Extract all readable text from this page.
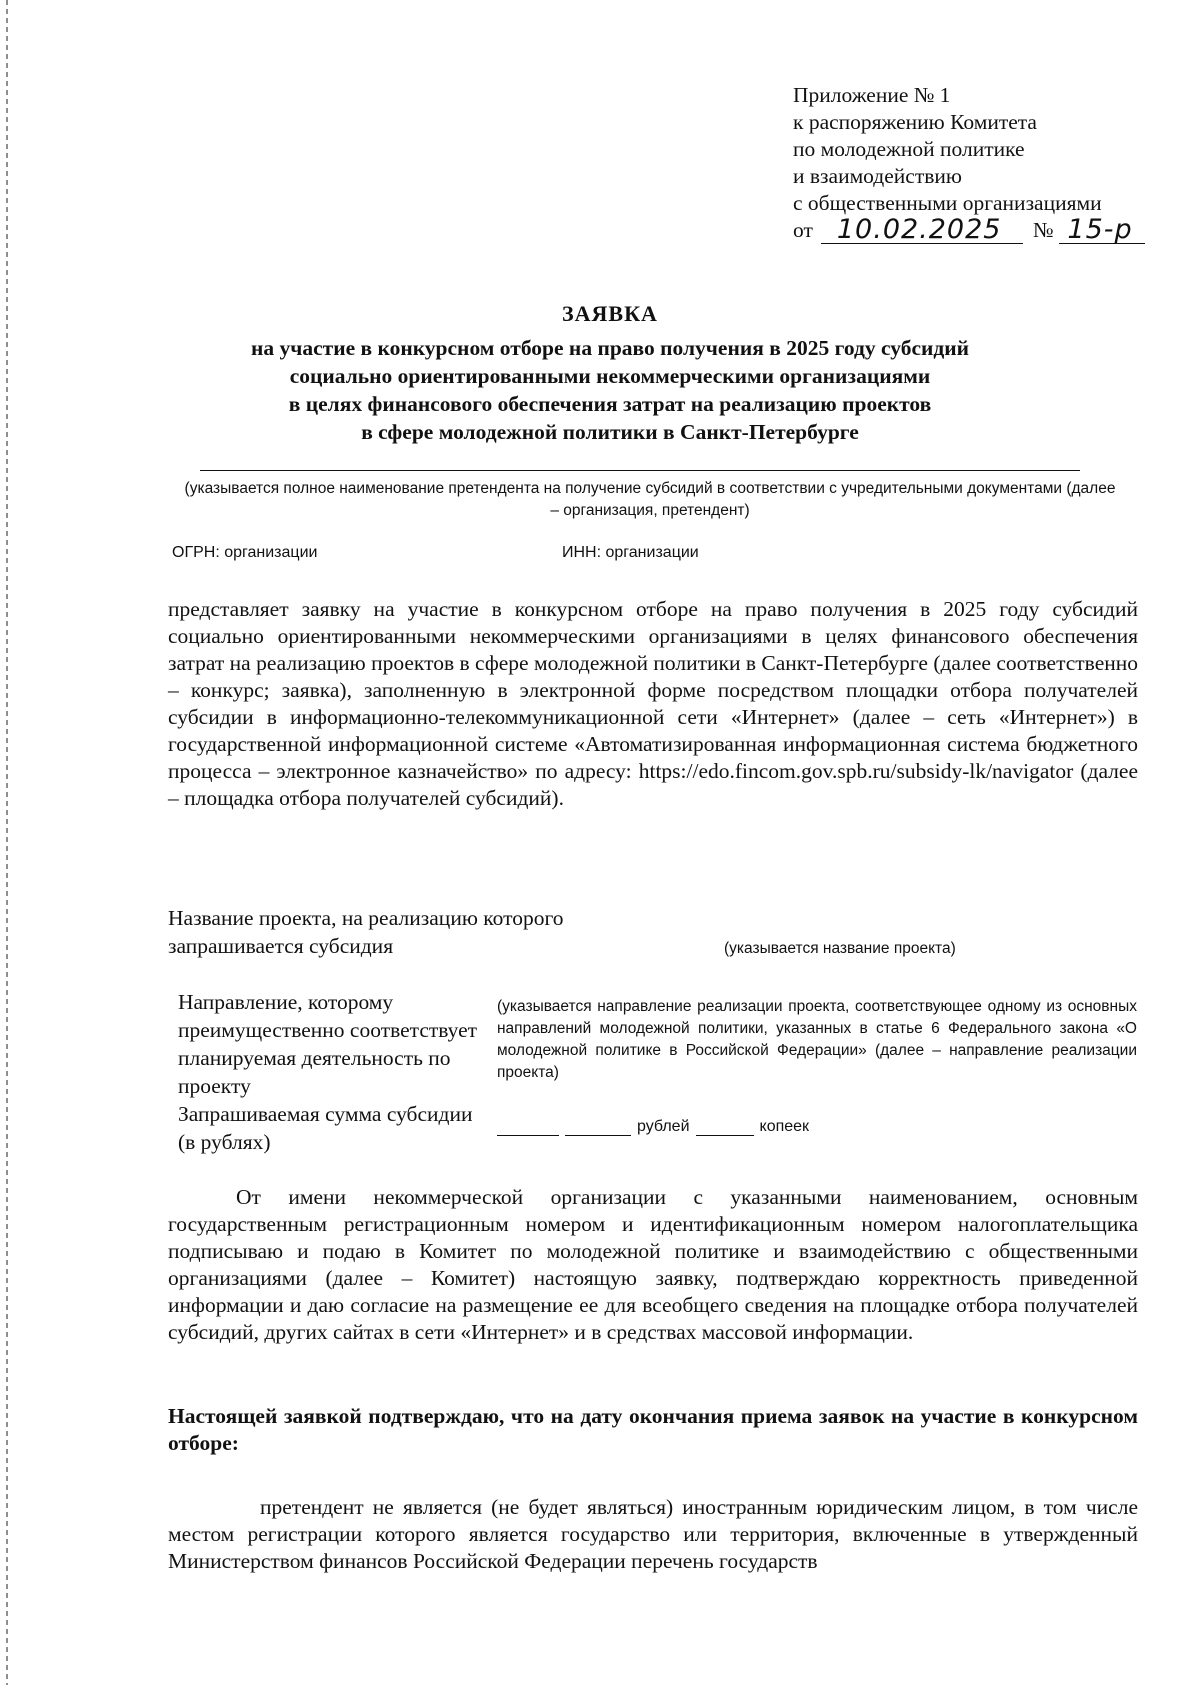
Приложение № 1
к распоряжению Комитета
по молодежной политике
и взаимодействию
с общественными организациями
от 10.02.2025	№ 15-р
ЗАЯВКА
на участие в конкурсном отборе на право получения в 2025 году субсидий
социально ориентированными некоммерческими организациями
в целях финансового обеспечения затрат на реализацию проектов
в сфере молодежной политики в Санкт-Петербурге
(указывается полное наименование претендента на получение субсидий в соответствии с учредительными документами (далее – организация, претендент)
ОГРН: организации	ИНН: организации
представляет заявку на участие в конкурсном отборе на право получения в 2025 году субсидий социально ориентированными некоммерческими организациями в целях финансового обеспечения затрат на реализацию проектов в сфере молодежной политики в Санкт-Петербурге (далее соответственно – конкурс; заявка), заполненную в электронной форме посредством площадки отбора получателей субсидии в информационно-телекоммуникационной сети «Интернет» (далее – сеть «Интернет») в государственной информационной системе «Автоматизированная информационная система бюджетного процесса – электронное казначейство» по адресу: https://edo.fincom.gov.spb.ru/subsidy-lk/navigator (далее – площадка отбора получателей субсидий).
Название проекта, на реализацию которого запрашивается субсидия	(указывается название проекта)
Направление, которому преимущественно соответствует планируемая деятельность по проекту
(указывается направление реализации проекта, соответствующее одному из основных направлений молодежной политики, указанных в статье 6 Федерального закона «О молодежной политике в Российской Федерации» (далее – направление реализации проекта)
Запрашиваемая сумма субсидии (в рублях)
рублей	копеек
От имени некоммерческой организации с указанными наименованием, основным государственным регистрационным номером и идентификационным номером налогоплательщика подписываю и подаю в Комитет по молодежной политике и взаимодействию с общественными организациями (далее – Комитет) настоящую заявку, подтверждаю корректность приведенной информации и даю согласие на размещение ее для всеобщего сведения на площадке отбора получателей субсидий, других сайтах в сети «Интернет» и в средствах массовой информации.
Настоящей заявкой подтверждаю, что на дату окончания приема заявок на участие в конкурсном отборе:
претендент не является (не будет являться) иностранным юридическим лицом, в том числе местом регистрации которого является государство или территория, включенные в утвержденный Министерством финансов Российской Федерации перечень государств
